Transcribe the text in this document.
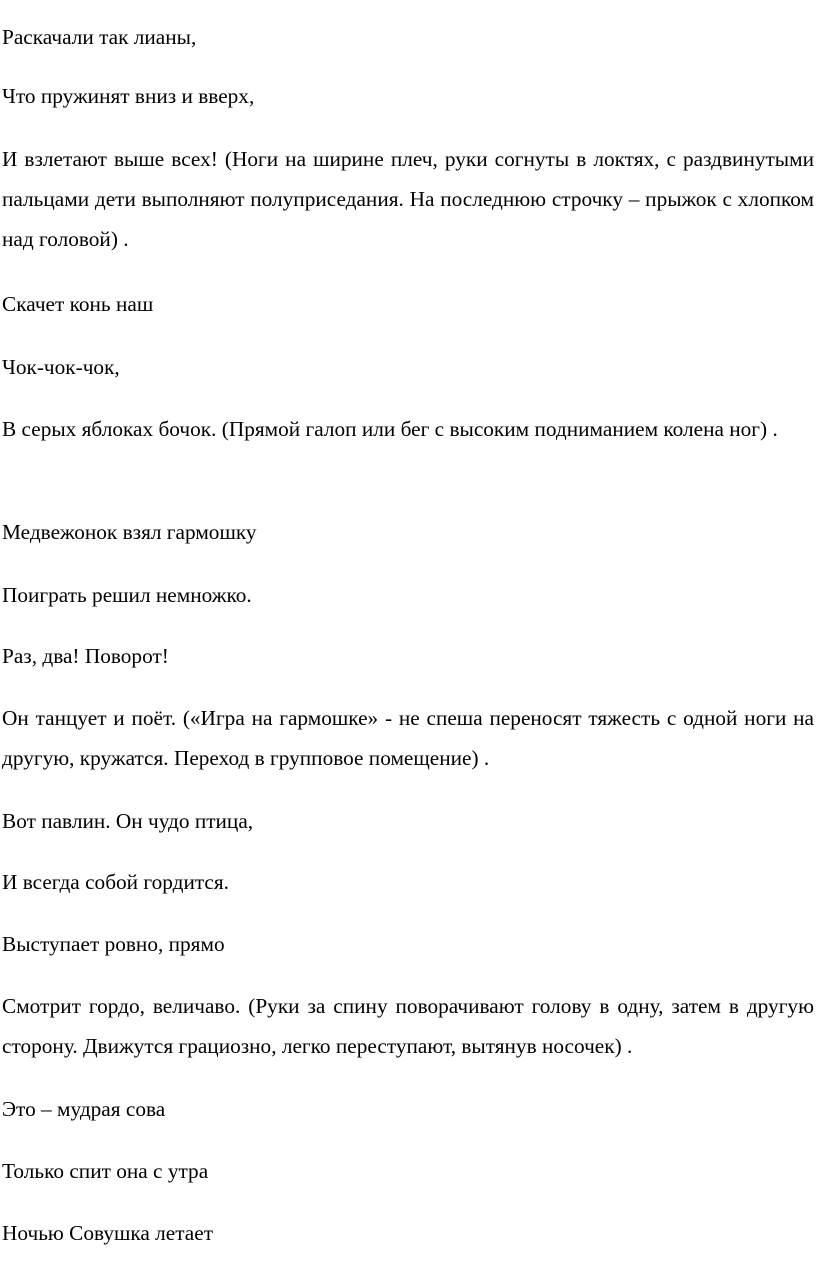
Раскачали так лианы,

Что пружинят вниз и вверх,

И взлетают выше всех! (Ноги на ширине плеч, руки согнуты в локтях, с раздвинутыми пальцами дети выполняют полуприседания. На последнюю строчку – прыжок с хлопком над головой) .

Скачет конь наш

Чок-чок-чок,

В серых яблоках бочок. (Прямой галоп или бег с высоким подниманием колена ног) .

Медвежонок взял гармошку

Поиграть решил немножко.

Раз, два! Поворот!

Он танцует и поёт. («Игра на гармошке» - не спеша переносят тяжесть с одной ноги на другую, кружатся. Переход в групповое помещение) .

Вот павлин. Он чудо птица,

И всегда собой гордится.

Выступает ровно, прямо

Смотрит гордо, величаво. (Руки за спину поворачивают голову в одну, затем в другую сторону. Движутся грациозно, легко переступают, вытянув носочек) .

Это – мудрая сова

Только спит она с утра

Ночью Совушка летает
